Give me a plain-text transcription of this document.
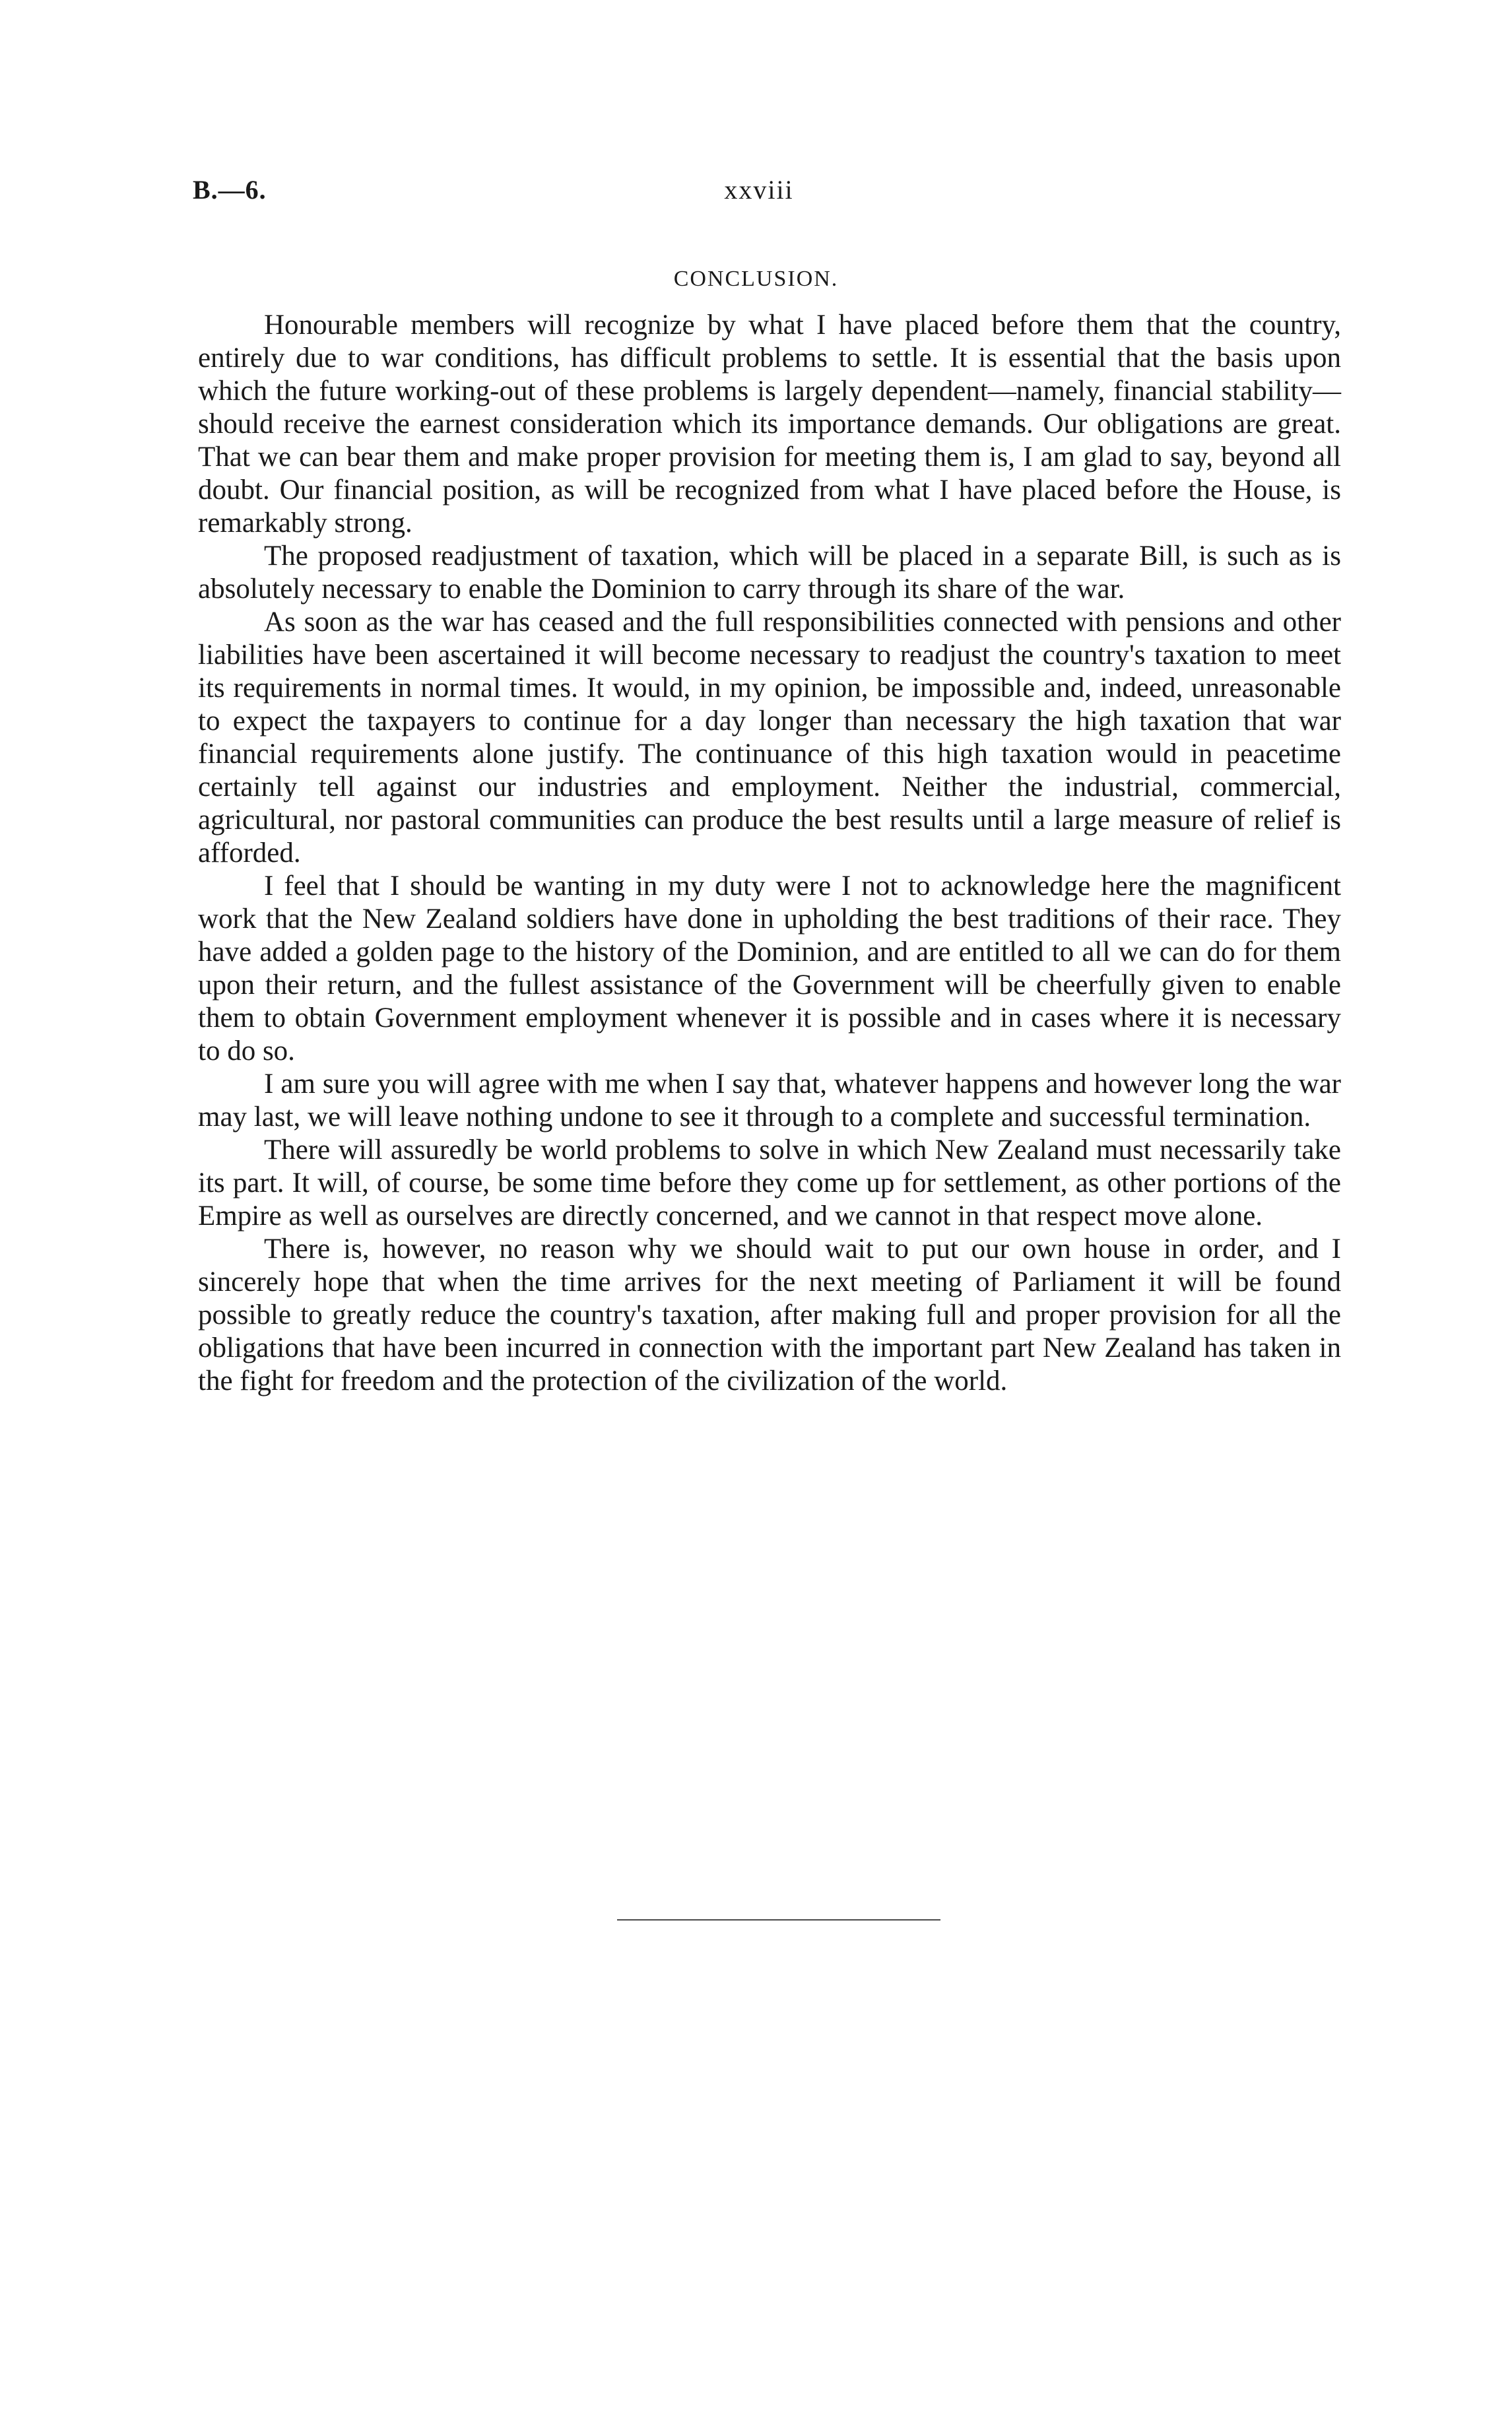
B.—6.	xxviii
CONCLUSION.

Honourable members will recognize by what I have placed before them that the country, entirely due to war conditions, has difficult problems to settle. It is essential that the basis upon which the future working-out of these problems is largely dependent—namely, financial stability—should receive the earnest consideration which its importance demands. Our obligations are great. That we can bear them and make proper provision for meeting them is, I am glad to say, beyond all doubt. Our financial position, as will be recognized from what I have placed before the House, is remarkably strong.

The proposed readjustment of taxation, which will be placed in a separate Bill, is such as is absolutely necessary to enable the Dominion to carry through its share of the war.

As soon as the war has ceased and the full responsibilities connected with pensions and other liabilities have been ascertained it will become necessary to readjust the country's taxation to meet its requirements in normal times. It would, in my opinion, be impossible and, indeed, unreasonable to expect the taxpayers to continue for a day longer than necessary the high taxation that war financial requirements alone justify. The continuance of this high taxation would in peacetime certainly tell against our industries and employment. Neither the industrial, commercial, agricultural, nor pastoral communities can produce the best results until a large measure of relief is afforded.

I feel that I should be wanting in my duty were I not to acknowledge here the magnificent work that the New Zealand soldiers have done in upholding the best traditions of their race. They have added a golden page to the history of the Dominion, and are entitled to all we can do for them upon their return, and the fullest assistance of the Government will be cheerfully given to enable them to obtain Government employment whenever it is possible and in cases where it is necessary to do so.

I am sure you will agree with me when I say that, whatever happens and however long the war may last, we will leave nothing undone to see it through to a complete and successful termination.

There will assuredly be world problems to solve in which New Zealand must necessarily take its part. It will, of course, be some time before they come up for settlement, as other portions of the Empire as well as ourselves are directly concerned, and we cannot in that respect move alone.

There is, however, no reason why we should wait to put our own house in order, and I sincerely hope that when the time arrives for the next meeting of Parliament it will be found possible to greatly reduce the country's taxation, after making full and proper provision for all the obligations that have been incurred in connection with the important part New Zealand has taken in the fight for freedom and the protection of the civilization of the world.
